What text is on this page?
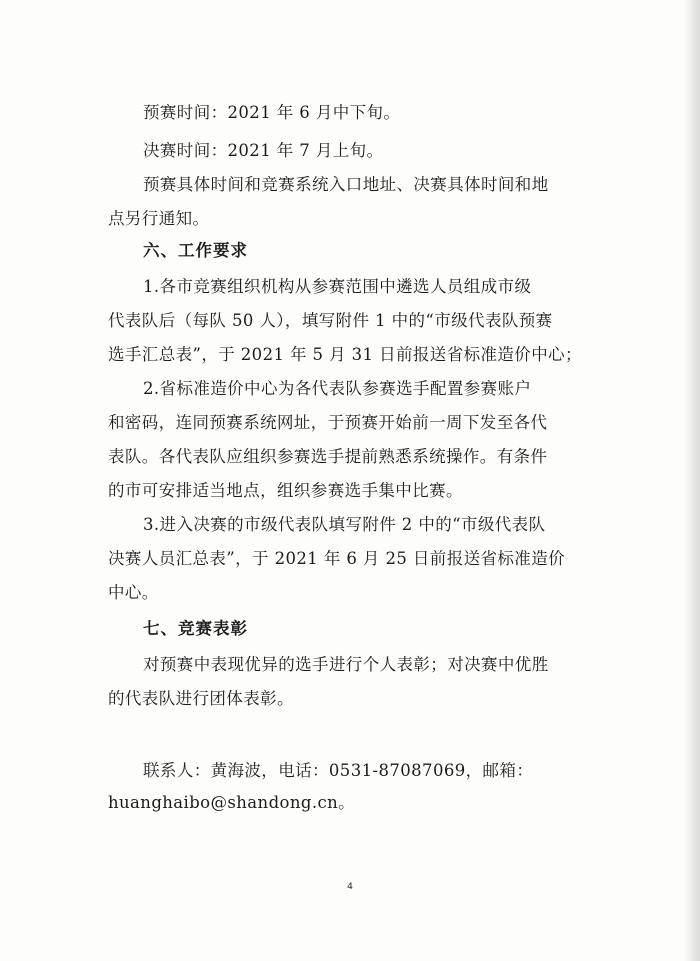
预赛时间：2021 年 6 月中下旬。
决赛时间：2021 年 7 月上旬。
预赛具体时间和竞赛系统入口地址、决赛具体时间和地
点另行通知。
六、工作要求
1.各市竞赛组织机构从参赛范围中遴选人员组成市级
代表队后（每队 50 人），填写附件 1 中的“市级代表队预赛
选手汇总表”，于 2021 年 5 月 31 日前报送省标准造价中心；
2.省标准造价中心为各代表队参赛选手配置参赛账户
和密码，连同预赛系统网址，于预赛开始前一周下发至各代
表队。各代表队应组织参赛选手提前熟悉系统操作。有条件
的市可安排适当地点，组织参赛选手集中比赛。
3.进入决赛的市级代表队填写附件 2 中的“市级代表队
决赛人员汇总表”，于 2021 年 6 月 25 日前报送省标准造价
中心。
七、竞赛表彰
对预赛中表现优异的选手进行个人表彰；对决赛中优胜
的代表队进行团体表彰。
联系人：黄海波，电话：0531-87087069，邮箱：
huanghaibo@shandong.cn。
4
